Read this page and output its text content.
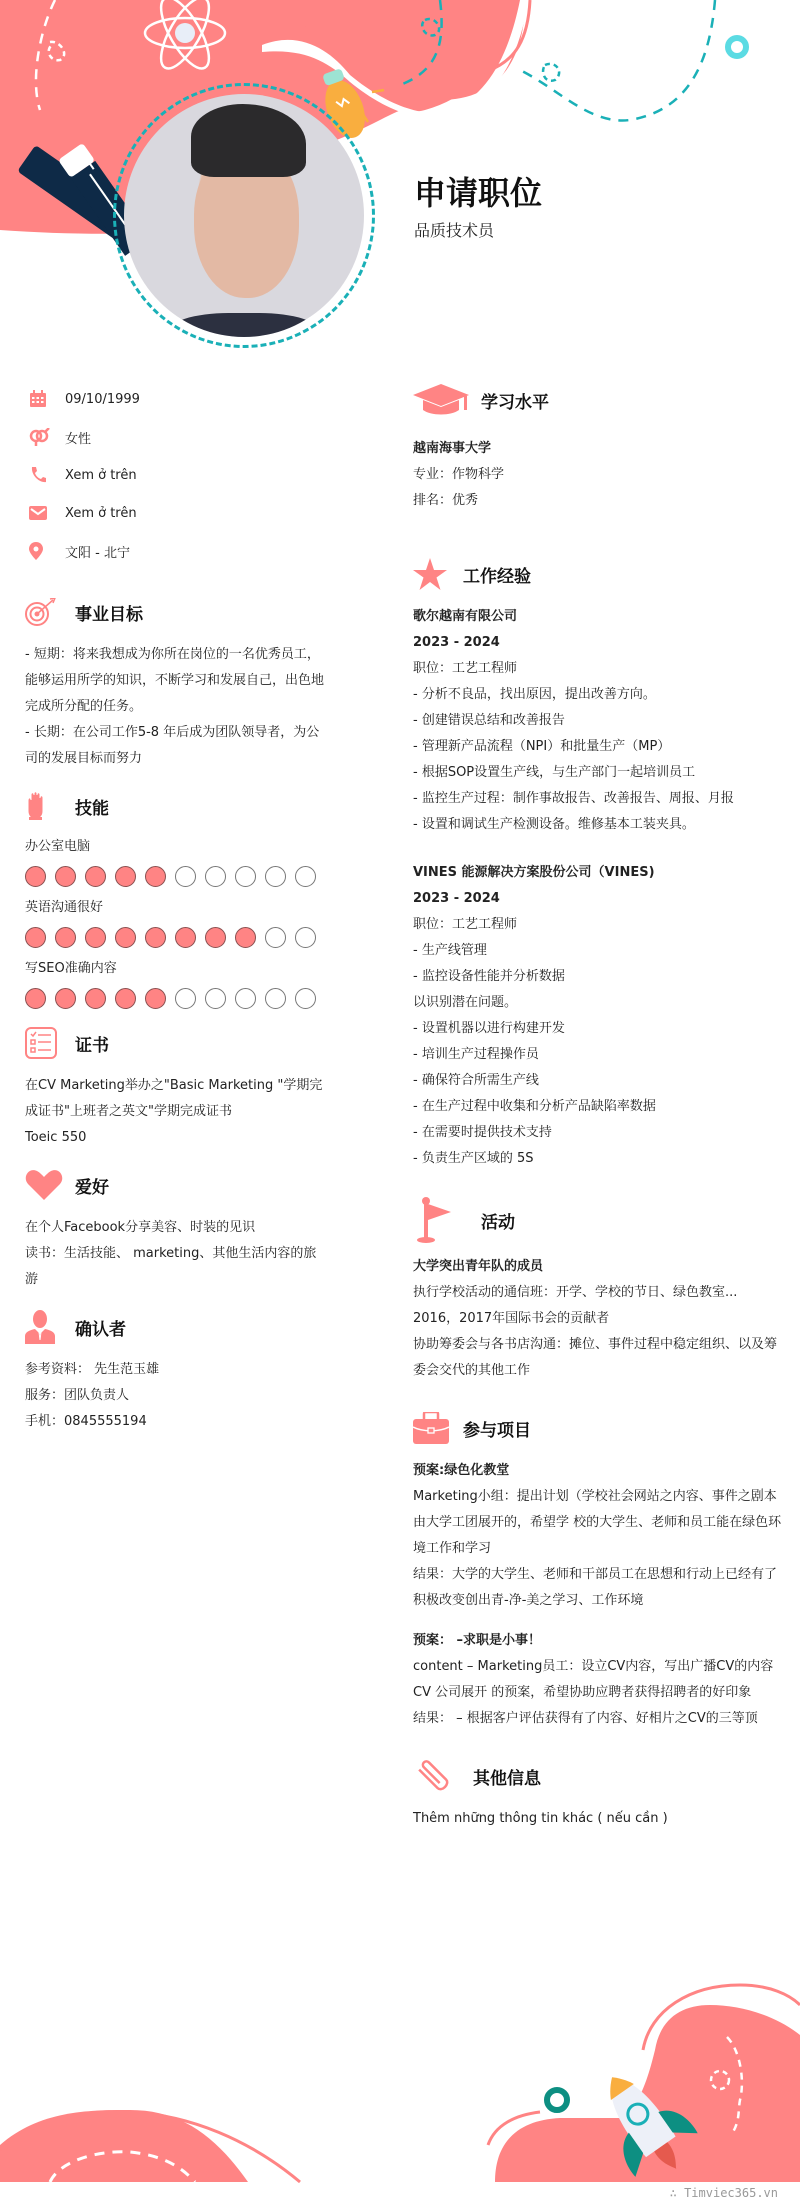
申请职位
品质技术员
09/10/1999
女性
Xem ở trên
Xem ở trên
文阳 - 北宁
事业目标
- 短期：将来我想成为你所在岗位的一名优秀员工，能够运用所学的知识，不断学习和发展自己，出色地完成所分配的任务。
- 长期：在公司工作5-8 年后成为团队领导者，为公司的发展目标而努力
技能
办公室电脑
英语沟通很好
写SEO准确内容
证书
在CV Marketing举办之"Basic Marketing "学期完成证书"上班者之英文"学期完成证书
Toeic 550
爱好
在个人Facebook分享美容、时装的见识
读书：生活技能、 marketing、其他生活内容的旅游
确认者
参考资料： 先生范玉雄
服务：团队负责人
手机：0845555194
学习水平
越南海事大学
专业：作物科学
排名：优秀
工作经验
歌尔越南有限公司
2023 - 2024
职位：工艺工程师
- 分析不良品，找出原因，提出改善方向。
- 创建错误总结和改善报告
- 管理新产品流程（NPI）和批量生产（MP）
- 根据SOP设置生产线，与生产部门一起培训员工
- 监控生产过程：制作事故报告、改善报告、周报、月报
- 设置和调试生产检测设备。维修基本工装夹具。
VINES 能源解决方案股份公司（VINES)
2023 - 2024
职位：工艺工程师
- 生产线管理
- 监控设备性能并分析数据
以识别潜在问题。
- 设置机器以进行构建开发
- 培训生产过程操作员
- 确保符合所需生产线
- 在生产过程中收集和分析产品缺陷率数据
- 在需要时提供技术支持
- 负责生产区域的 5S
活动
大学突出青年队的成员
执行学校活动的通信班：开学、学校的节日、绿色教室...
2016，2017年国际书会的贡献者
协助筹委会与各书店沟通：摊位、事件过程中稳定组织、以及筹委会交代的其他工作
参与项目
预案:绿色化教堂
Marketing小组：提出计划（学校社会网站之内容、事件之剧本
由大学工团展开的，希望学 校的大学生、老师和员工能在绿色环境工作和学习
结果：大学的大学生、老师和干部员工在思想和行动上已经有了积极改变创出青-净-美之学习、工作环境
预案： –求职是小事！
content – Marketing员工：设立CV内容，写出广播CV的内容
CV 公司展开 的预案，希望协助应聘者获得招聘者的好印象
结果： – 根据客户评估获得有了内容、好相片之CV的三等顶
其他信息
Thêm những thông tin khác ( nếu cần )
∴ Timviec365.vn
